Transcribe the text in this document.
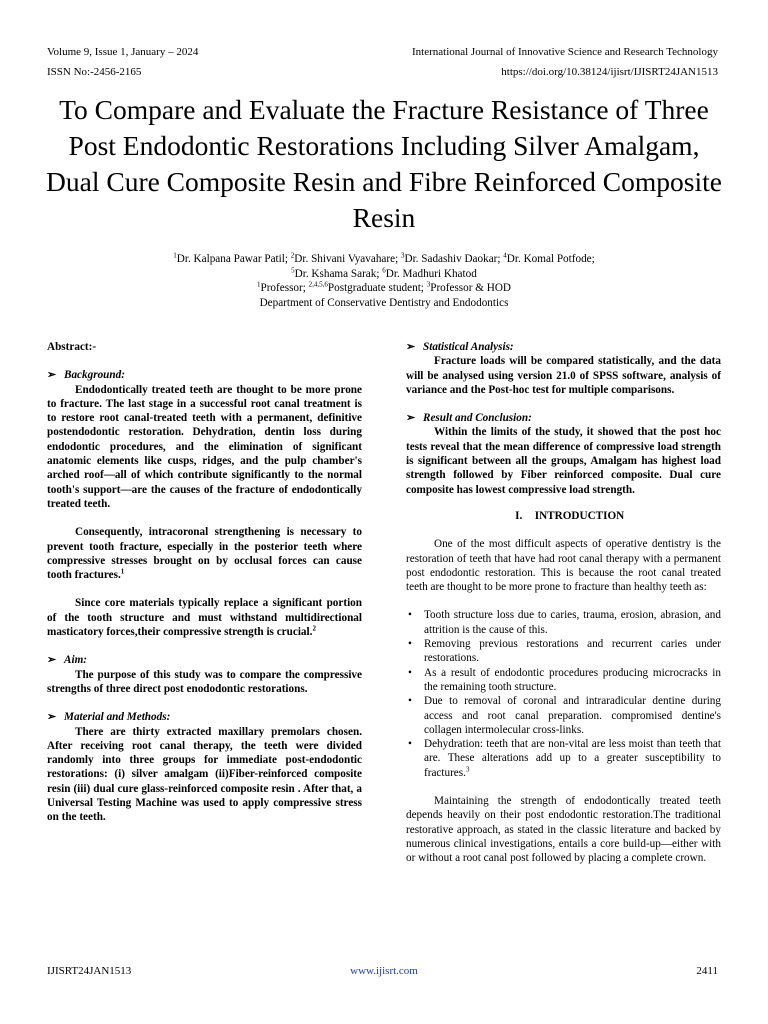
Volume 9, Issue 1, January – 2024
ISSN No:-2456-2165
International Journal of Innovative Science and Research Technology
https://doi.org/10.38124/ijisrt/IJISRT24JAN1513
To Compare and Evaluate the Fracture Resistance of Three Post Endodontic Restorations Including Silver Amalgam, Dual Cure Composite Resin and Fibre Reinforced Composite Resin
$^1$Dr. Kalpana Pawar Patil; $^2$Dr. Shivani Vyavahare; $^3$Dr. Sadashiv Daokar; $^4$Dr. Komal Potfode;
$^5$Dr. Kshama Sarak; $^6$Dr. Madhuri Khatod
$^1$Professor; $^{2,4,5,6}$Postgraduate student; $^3$Professor & HOD
Department of Conservative Dentistry and Endodontics

Abstract:-

➢ Background:

Endodontically treated teeth are thought to be more prone to fracture. The last stage in a successful root canal treatment is to restore root canal-treated teeth with a permanent, definitive postendodontic restoration. Dehydration, dentin loss during endodontic procedures, and the elimination of significant anatomic elements like cusps, ridges, and the pulp chamber's arched roof—all of which contribute significantly to the normal tooth's support—are the causes of the fracture of endodontically treated teeth.

Consequently, intracoronal strengthening is necessary to prevent tooth fracture, especially in the posterior teeth where compressive stresses brought on by occlusal forces can cause tooth fractures.$^1$

Since core materials typically replace a significant portion of the tooth structure and must withstand multidirectional masticatory forces,their compressive strength is crucial.$^2$

➢ Aim:

The purpose of this study was to compare the compressive strengths of three direct post enododontic restorations.

➢ Material and Methods:

There are thirty extracted maxillary premolars chosen. After receiving root canal therapy, the teeth were divided randomly into three groups for immediate post-endodontic restorations: (i) silver amalgam (ii)Fiber-reinforced composite resin (iii) dual cure glass-reinforced composite resin . After that, a Universal Testing Machine was used to apply compressive stress on the teeth.

➢ Statistical Analysis:

Fracture loads will be compared statistically, and the data will be analysed using version 21.0 of SPSS software, analysis of variance and the Post-hoc test for multiple comparisons.

➢ Result and Conclusion:

Within the limits of the study, it showed that the post hoc tests reveal that the mean difference of compressive load strength is significant between all the groups, Amalgam has highest load strength followed by Fiber reinforced composite. Dual cure composite has lowest compressive load strength.

I. INTRODUCTION

One of the most difficult aspects of operative dentistry is the restoration of teeth that have had root canal therapy with a permanent post endodontic restoration. This is because the root canal treated teeth are thought to be more prone to fracture than healthy teeth as:

• Tooth structure loss due to caries, trauma, erosion, abrasion, and attrition is the cause of this.
• Removing previous restorations and recurrent caries under restorations.
• As a result of endodontic procedures producing microcracks in the remaining tooth structure.
• Due to removal of coronal and intraradicular dentine during access and root canal preparation. compromised dentine's collagen intermolecular cross-links.
• Dehydration: teeth that are non-vital are less moist than teeth that are. These alterations add up to a greater susceptibility to fractures.$^3$

Maintaining the strength of endodontically treated teeth depends heavily on their post endodontic restoration.The traditional restorative approach, as stated in the classic literature and backed by numerous clinical investigations, entails a core build-up—either with or without a root canal post followed by placing a complete crown.

IJISRT24JAN1513	www.ijisrt.com	2411
